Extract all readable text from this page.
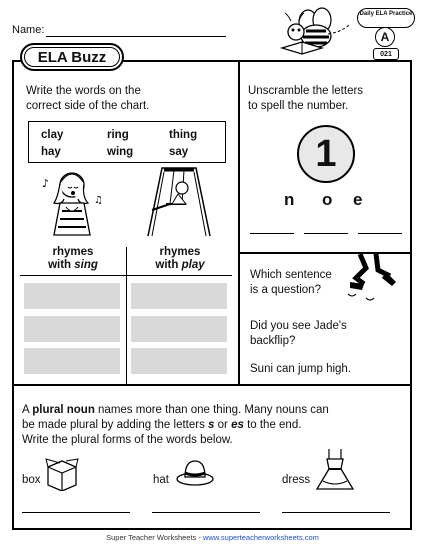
Name:
Daily ELA Practice
A
021
ELA Buzz
Write the words on the
correct side of the chart.
clay	ring	thing
hay	wing	say
♪
♫
rhymes
with sing
rhymes
with play
Unscramble the letters
to spell the number.
1
n o e
Which sentence
is a question?
Did you see Jade's
backflip?
Suni can jump high.
A plural noun names more than one thing. Many nouns can
be made plural by adding the letters s or es to the end.
Write the plural forms of the words below.
box	hat	dress
Super Teacher Worksheets - www.superteacherworksheets.com
